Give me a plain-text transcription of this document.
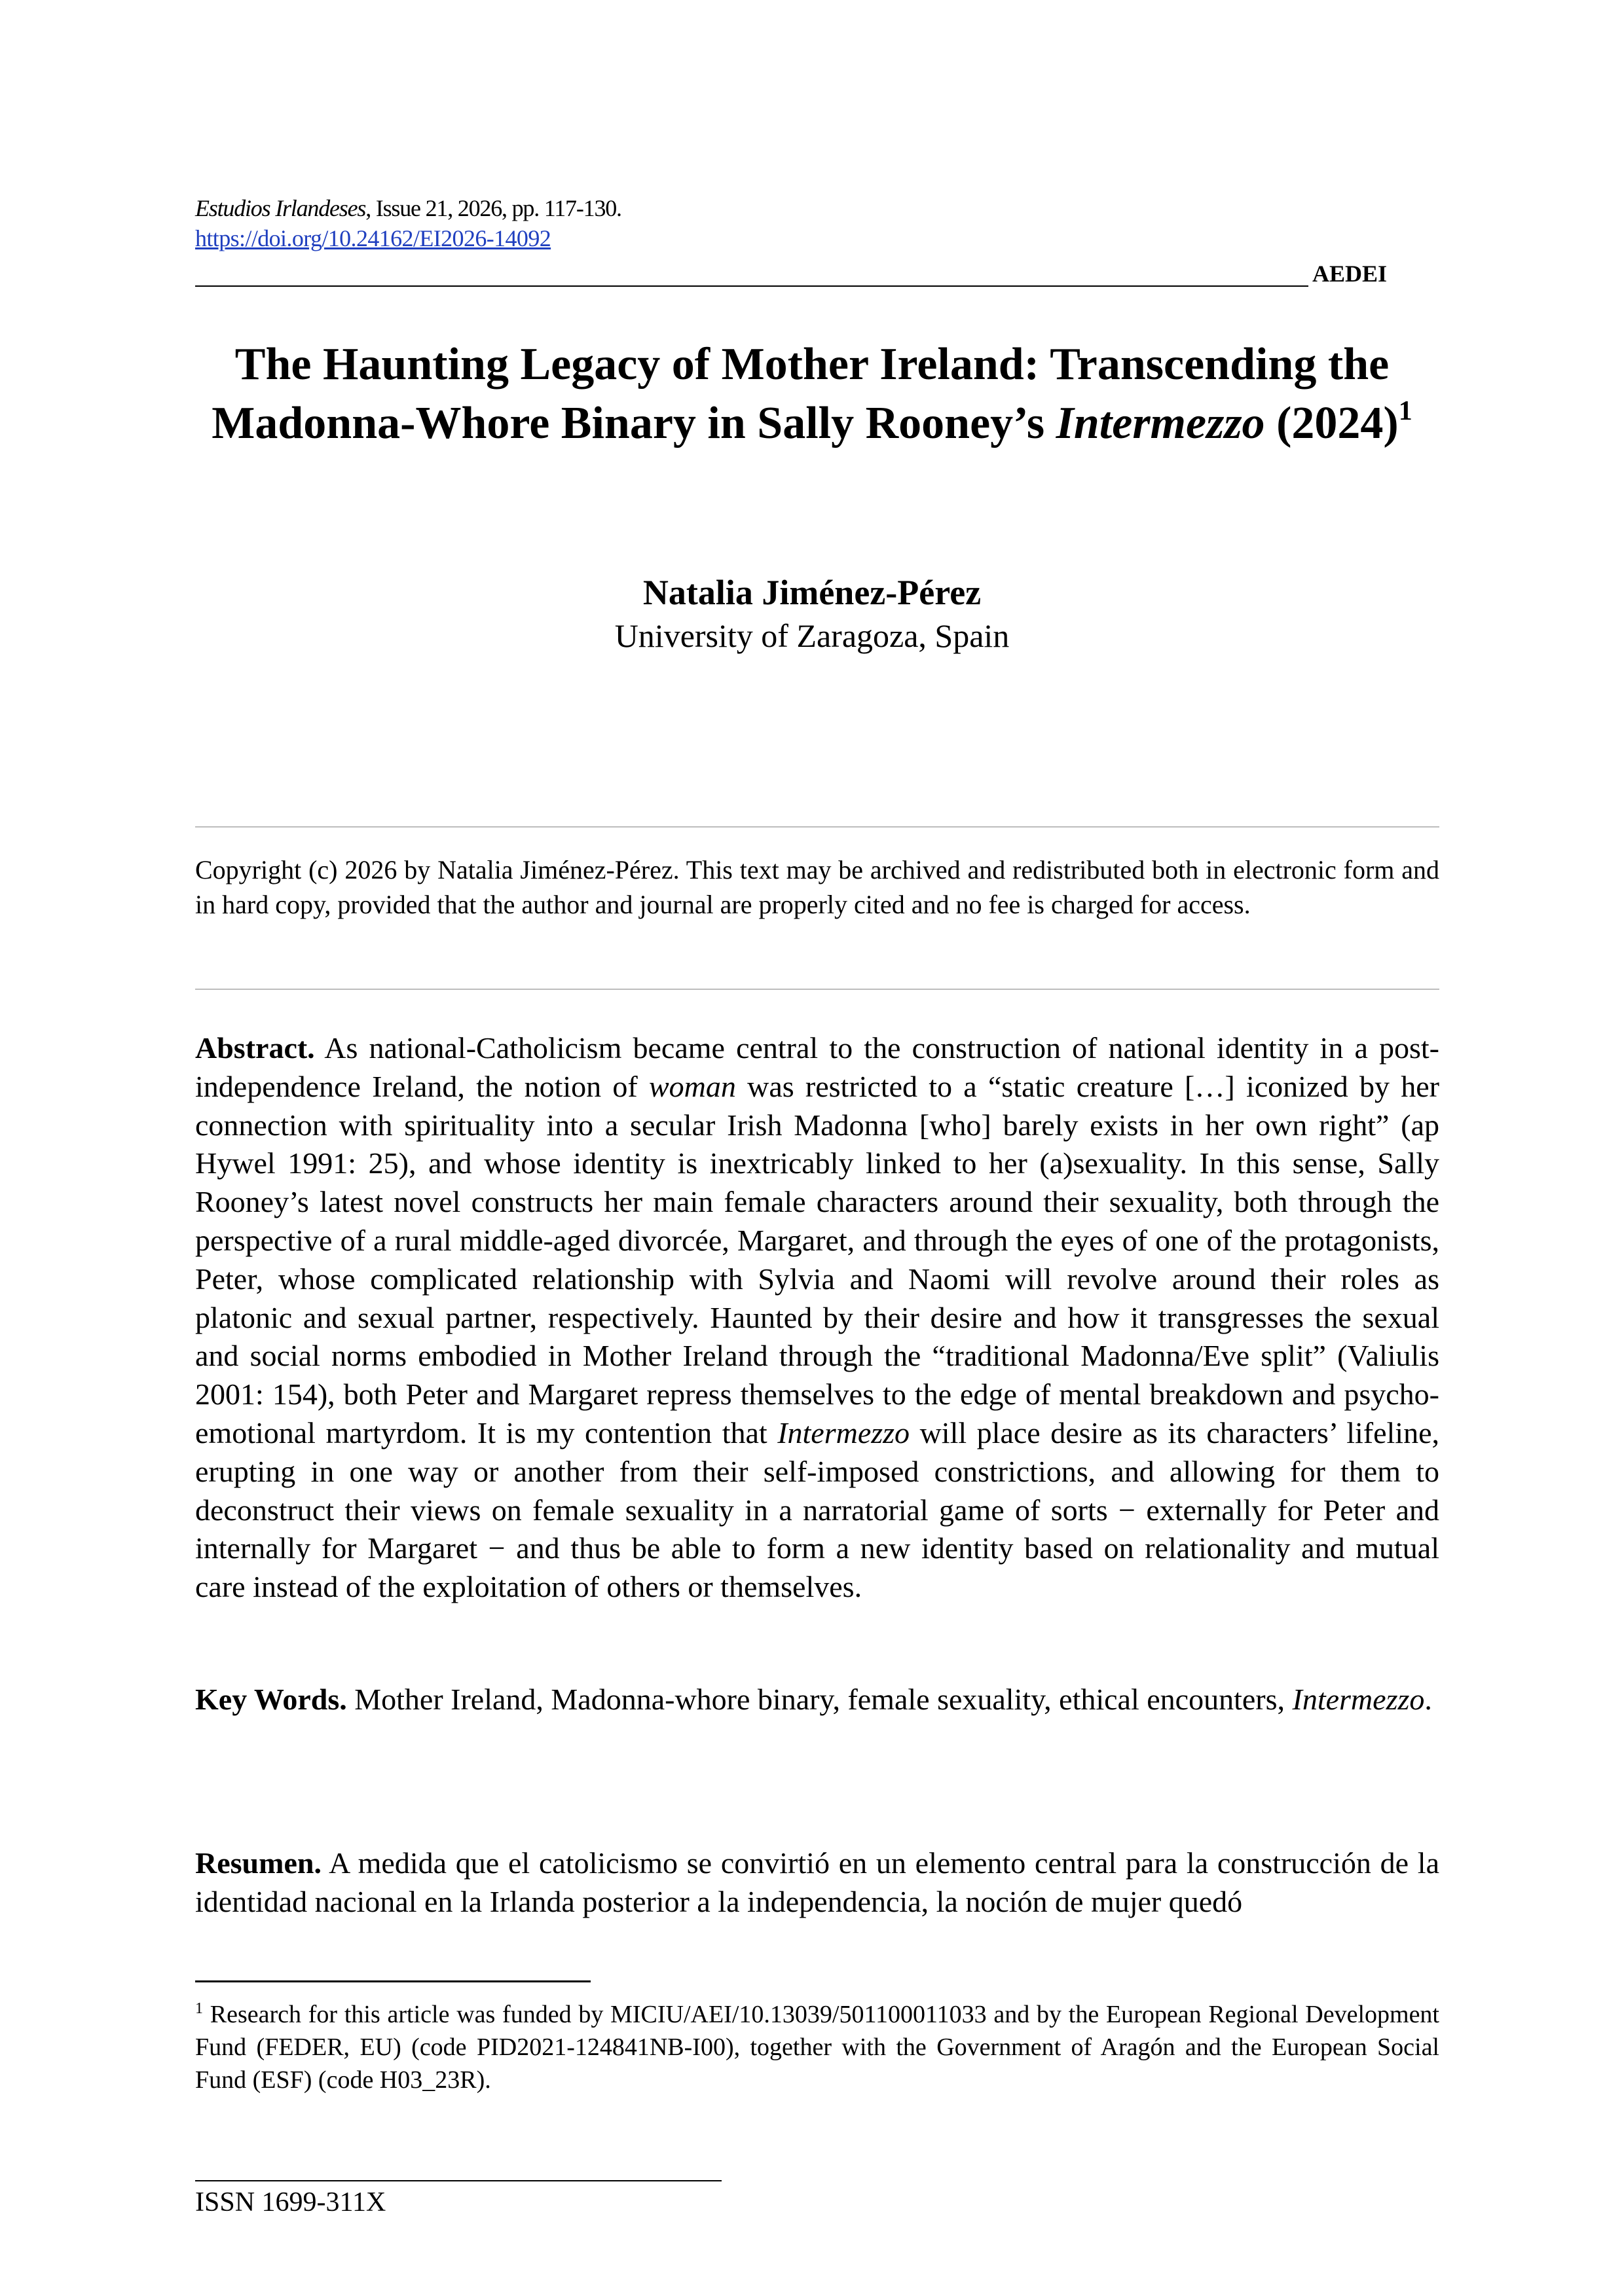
Estudios Irlandeses, Issue 21, 2026, pp. 117-130.
https://doi.org/10.24162/EI2026-14092
AEDEI
The Haunting Legacy of Mother Ireland: Transcending the Madonna-Whore Binary in Sally Rooney’s Intermezzo $(2024)^1$
Natalia Jiménez-Pérez
University of Zaragoza, Spain
Copyright (c) 2026 by Natalia Jiménez-Pérez. This text may be archived and redistributed both in electronic form and in hard copy, provided that the author and journal are properly cited and no fee is charged for access.
Abstract. As national-Catholicism became central to the construction of national identity in a post-independence Ireland, the notion of woman was restricted to a “static creature […] iconized by her connection with spirituality into a secular Irish Madonna [who] barely exists in her own right” (ap Hywel 1991: 25), and whose identity is inextricably linked to her (a)sexuality. In this sense, Sally Rooney’s latest novel constructs her main female characters around their sexuality, both through the perspective of a rural middle-aged divorcée, Margaret, and through the eyes of one of the protagonists, Peter, whose complicated relationship with Sylvia and Naomi will revolve around their roles as platonic and sexual partner, respectively. Haunted by their desire and how it transgresses the sexual and social norms embodied in Mother Ireland through the “traditional Madonna/Eve split” (Valiulis 2001: 154), both Peter and Margaret repress themselves to the edge of mental breakdown and psycho-emotional martyrdom. It is my contention that Intermezzo will place desire as its characters’ lifeline, erupting in one way or another from their self-imposed constrictions, and allowing for them to deconstruct their views on female sexuality in a narratorial game of sorts − externally for Peter and internally for Margaret − and thus be able to form a new identity based on relationality and mutual care instead of the exploitation of others or themselves.
Key Words. Mother Ireland, Madonna-whore binary, female sexuality, ethical encounters, Intermezzo.
Resumen. A medida que el catolicismo se convirtió en un elemento central para la construcción de la identidad nacional en la Irlanda posterior a la independencia, la noción de mujer quedó
$^1$ Research for this article was funded by MICIU/AEI/10.13039/501100011033 and by the European Regional Development Fund (FEDER, EU) (code PID2021-124841NB-I00), together with the Government of Aragón and the European Social Fund (ESF) (code H03_23R).
ISSN 1699-311X
